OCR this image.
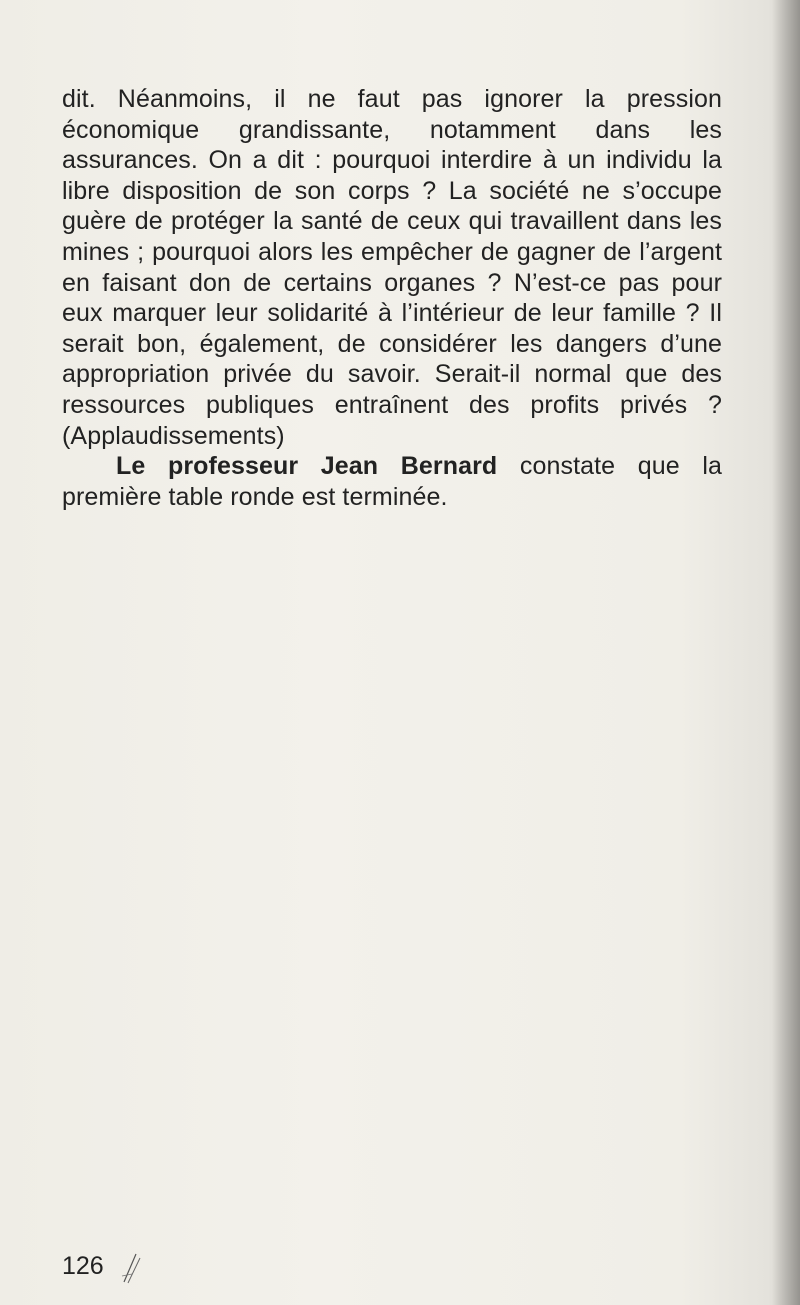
dit. Néanmoins, il ne faut pas ignorer la pression économique grandissante, notamment dans les assurances. On a dit : pourquoi interdire à un individu la libre disposition de son corps ? La société ne s’occupe guère de protéger la santé de ceux qui travaillent dans les mines ; pourquoi alors les empêcher de gagner de l’argent en faisant don de certains organes ? N’est-ce pas pour eux marquer leur solidarité à l’intérieur de leur famille ? Il serait bon, également, de considérer les dangers d’une appropriation privée du savoir. Serait-il normal que des ressources publiques entraînent des profits privés ? (Applaudissements)

Le professeur Jean Bernard constate que la première table ronde est terminée.

126
